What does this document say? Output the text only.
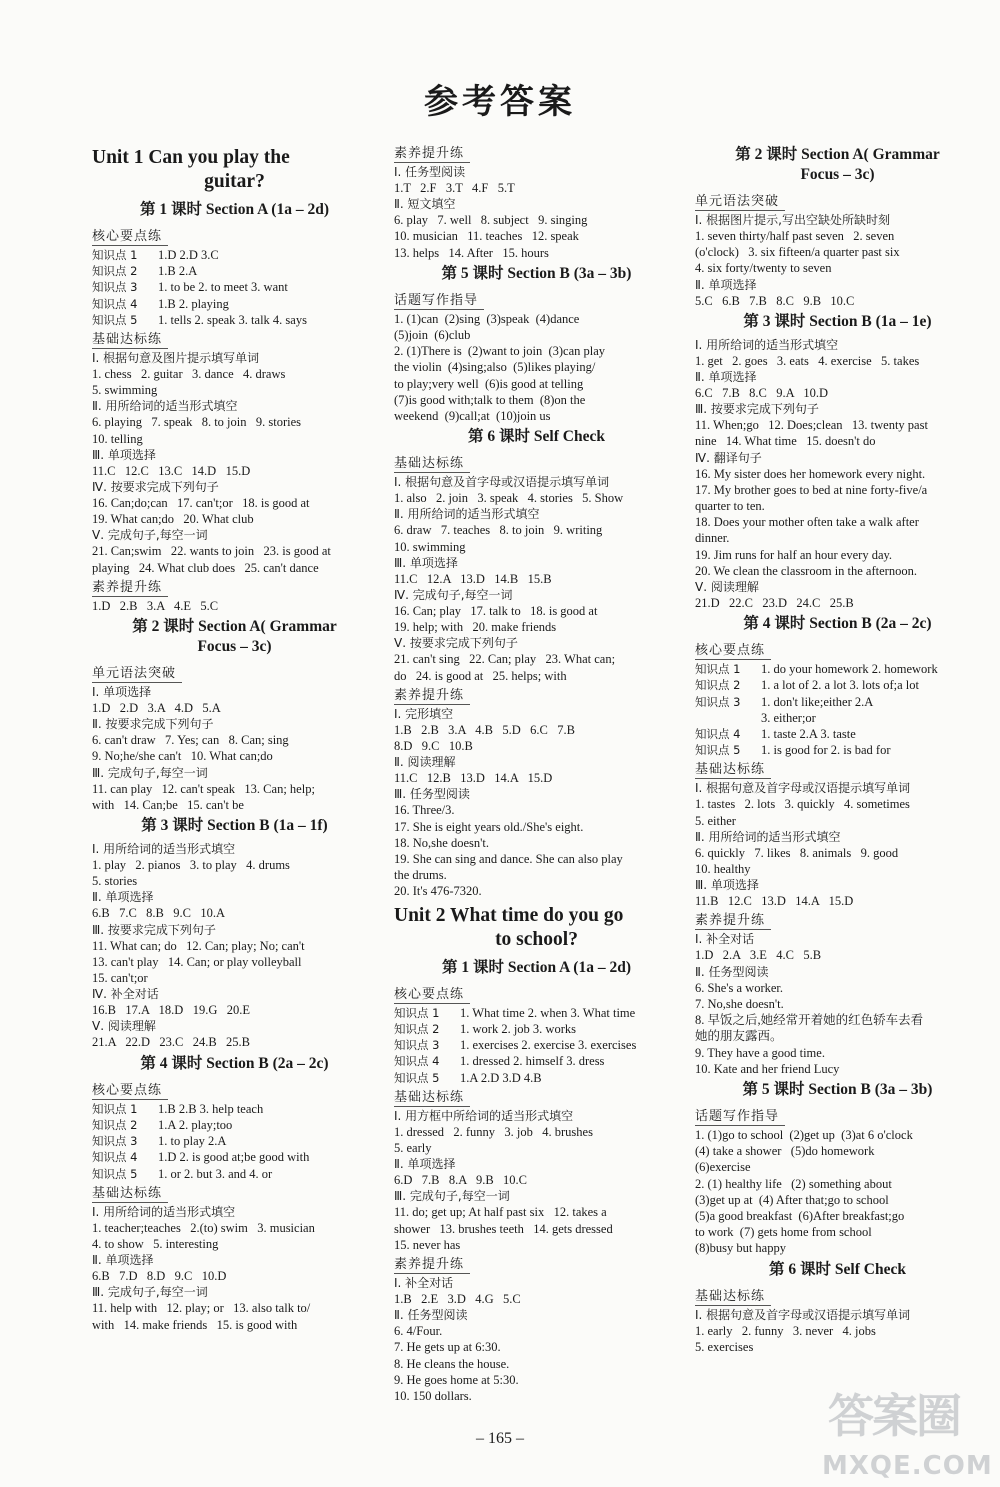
参考答案
Unit 1 Can you play the
guitar?
第 1 课时 Section A (1a – 2d)
核心要点练
知识点 1	1.D 2.D 3.C
知识点 2	1.B 2.A
知识点 3	1. to be 2. to meet 3. want
知识点 4	1.B 2. playing
知识点 5	1. tells 2. speak 3. talk 4. says
基础达标练
Ⅰ. 根据句意及图片提示填写单词
1. chess   2. guitar   3. dance   4. draws
5. swimming
Ⅱ. 用所给词的适当形式填空
6. playing   7. speak   8. to join   9. stories
10. telling
Ⅲ. 单项选择
11.C   12.C   13.C   14.D   15.D
Ⅳ. 按要求完成下列句子
16. Can;do;can   17. can't;or   18. is good at
19. What can;do   20. What club
Ⅴ. 完成句子,每空一词
21. Can;swim   22. wants to join   23. is good at
playing   24. What club does   25. can't dance
素养提升练
1.D   2.B   3.A   4.E   5.C
第 2 课时 Section A( Grammar
Focus – 3c)
单元语法突破
Ⅰ. 单项选择
1.D   2.D   3.A   4.D   5.A
Ⅱ. 按要求完成下列句子
6. can't draw   7. Yes; can   8. Can; sing
9. No;he/she can't   10. What can;do
Ⅲ. 完成句子,每空一词
11. can play   12. can't speak   13. Can; help;
with   14. Can;be   15. can't be
第 3 课时 Section B (1a – 1f)
Ⅰ. 用所给词的适当形式填空
1. play   2. pianos   3. to play   4. drums
5. stories
Ⅱ. 单项选择
6.B   7.C   8.B   9.C   10.A
Ⅲ. 按要求完成下列句子
11. What can; do   12. Can; play; No; can't
13. can't play   14. Can; or play volleyball
15. can't;or
Ⅳ. 补全对话
16.B   17.A   18.D   19.G   20.E
Ⅴ. 阅读理解
21.A   22.D   23.C   24.B   25.B
第 4 课时 Section B (2a – 2c)
核心要点练
知识点 1	1.B 2.B 3. help teach
知识点 2	1.A 2. play;too
知识点 3	1. to play 2.A
知识点 4	1.D 2. is good at;be good with
知识点 5	1. or 2. but 3. and 4. or
基础达标练
Ⅰ. 用所给词的适当形式填空
1. teacher;teaches   2.(to) swim   3. musician
4. to show   5. interesting
Ⅱ. 单项选择
6.B   7.D   8.D   9.C   10.D
Ⅲ. 完成句子,每空一词
11. help with   12. play; or   13. also talk to/
with   14. make friends   15. is good with
素养提升练
Ⅰ. 任务型阅读
1.T   2.F   3.T   4.F   5.T
Ⅱ. 短文填空
6. play   7. well   8. subject   9. singing
10. musician   11. teaches   12. speak
13. helps   14. After   15. hours
第 5 课时 Section B (3a – 3b)
话题写作指导
1. (1)can  (2)sing  (3)speak  (4)dance
(5)join  (6)club
2. (1)There is  (2)want to join  (3)can play
the violin  (4)sing;also  (5)likes playing/
to play;very well  (6)is good at telling
(7)is good with;talk to them  (8)on the
weekend  (9)call;at  (10)join us
第 6 课时 Self Check
基础达标练
Ⅰ. 根据句意及首字母或汉语提示填写单词
1. also   2. join   3. speak   4. stories   5. Show
Ⅱ. 用所给词的适当形式填空
6. draw   7. teaches   8. to join   9. writing
10. swimming
Ⅲ. 单项选择
11.C   12.A   13.D   14.B   15.B
Ⅳ. 完成句子,每空一词
16. Can; play   17. talk to   18. is good at
19. help; with   20. make friends
Ⅴ. 按要求完成下列句子
21. can't sing   22. Can; play   23. What can;
do   24. is good at   25. helps; with
素养提升练
Ⅰ. 完形填空
1.B   2.B   3.A   4.B   5.D   6.C   7.B
8.D   9.C   10.B
Ⅱ. 阅读理解
11.C   12.B   13.D   14.A   15.D
Ⅲ. 任务型阅读
16. Three/3.
17. She is eight years old./She's eight.
18. No,she doesn't.
19. She can sing and dance. She can also play
the drums.
20. It's 476-7320.
Unit 2 What time do you go
to school?
第 1 课时 Section A (1a – 2d)
核心要点练
知识点 1	1. What time 2. when 3. What time
知识点 2	1. work 2. job 3. works
知识点 3	1. exercises 2. exercise 3. exercises
知识点 4	1. dressed 2. himself 3. dress
知识点 5	1.A 2.D 3.D 4.B
基础达标练
Ⅰ. 用方框中所给词的适当形式填空
1. dressed   2. funny   3. job   4. brushes
5. early
Ⅱ. 单项选择
6.D   7.B   8.A   9.B   10.C
Ⅲ. 完成句子,每空一词
11. do; get up; At half past six   12. takes a
shower   13. brushes teeth   14. gets dressed
15. never has
素养提升练
Ⅰ. 补全对话
1.B   2.E   3.D   4.G   5.C
Ⅱ. 任务型阅读
6. 4/Four.
7. He gets up at 6:30.
8. He cleans the house.
9. He goes home at 5:30.
10. 150 dollars.
第 2 课时 Section A( Grammar
Focus – 3c)
单元语法突破
Ⅰ. 根据图片提示,写出空缺处所缺时刻
1. seven thirty/half past seven   2. seven
(o'clock)   3. six fifteen/a quarter past six
4. six forty/twenty to seven
Ⅱ. 单项选择
5.C   6.B   7.B   8.C   9.B   10.C
第 3 课时 Section B (1a – 1e)
Ⅰ. 用所给词的适当形式填空
1. get   2. goes   3. eats   4. exercise   5. takes
Ⅱ. 单项选择
6.C   7.B   8.C   9.A   10.D
Ⅲ. 按要求完成下列句子
11. When;go   12. Does;clean   13. twenty past
nine   14. What time   15. doesn't do
Ⅳ. 翻译句子
16. My sister does her homework every night.
17. My brother goes to bed at nine forty-five/a
quarter to ten.
18. Does your mother often take a walk after
dinner.
19. Jim runs for half an hour every day.
20. We clean the classroom in the afternoon.
Ⅴ. 阅读理解
21.D   22.C   23.D   24.C   25.B
第 4 课时 Section B (2a – 2c)
核心要点练
知识点 1	1. do your homework 2. homework
知识点 2	1. a lot of 2. a lot 3. lots of;a lot
知识点 3	1. don't like;either 2.A
3. either;or
知识点 4	1. taste 2.A 3. taste
知识点 5	1. is good for 2. is bad for
基础达标练
Ⅰ. 根据句意及首字母或汉语提示填写单词
1. tastes   2. lots   3. quickly   4. sometimes
5. either
Ⅱ. 用所给词的适当形式填空
6. quickly   7. likes   8. animals   9. good
10. healthy
Ⅲ. 单项选择
11.B   12.C   13.D   14.A   15.D
素养提升练
Ⅰ. 补全对话
1.D   2.A   3.E   4.C   5.B
Ⅱ. 任务型阅读
6. She's a worker.
7. No,she doesn't.
8. 早饭之后,她经常开着她的红色轿车去看
她的朋友露西。
9. They have a good time.
10. Kate and her friend Lucy
第 5 课时 Section B (3a – 3b)
话题写作指导
1. (1)go to school  (2)get up  (3)at 6 o'clock
(4) take a shower   (5)do homework
(6)exercise
2. (1) healthy life   (2) something about
(3)get up at  (4) After that;go to school
(5)a good breakfast  (6)After breakfast;go
to work  (7) gets home from school
(8)busy but happy
第 6 课时 Self Check
基础达标练
Ⅰ. 根据句意及首字母或汉语提示填写单词
1. early   2. funny   3. never   4. jobs
5. exercises
– 165 –	答案圈
MXQE.COM
